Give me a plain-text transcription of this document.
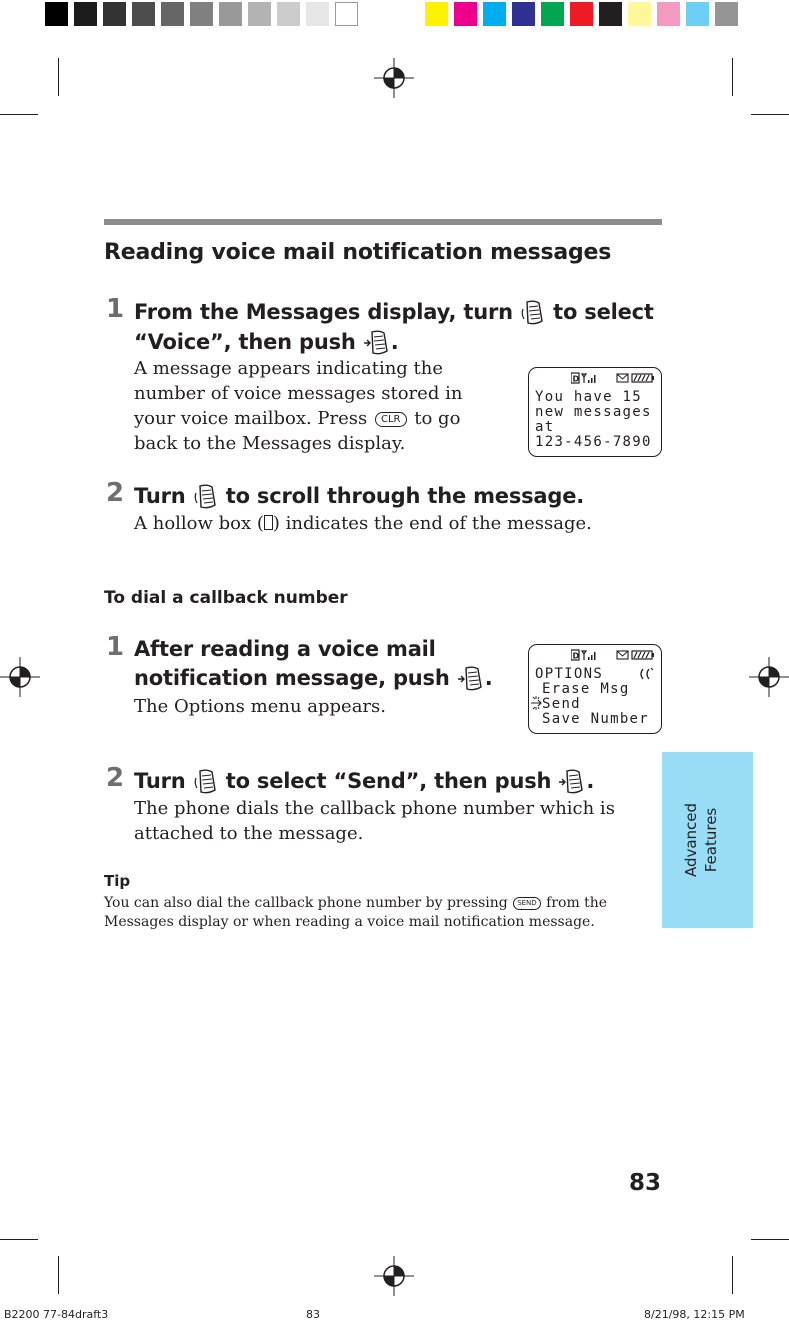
Reading voice mail notification messages
1 From the Messages display, turn to select
“Voice”, then push .
A message appears indicating the
number of voice messages stored in
your voice mailbox. Press CLR to go
back to the Messages display.
D
You have 15
new messages
at
123-456-7890
2 Turn to scroll through the message.
A hollow box ( ) indicates the end of the message.
To dial a callback number
1 After reading a voice mail
notification message, push .
The Options menu appears.
D
OPTIONS
Erase Msg
Send
Save Number
2 Turn to select “Send”, then push .
The phone dials the callback phone number which is
attached to the message.
Tip
You can also dial the callback phone number by pressing SEND from the
Messages display or when reading a voice mail notification message.
Advanced Features
83
B2200 77-84draft3	83	8/21/98, 12:15 PM
